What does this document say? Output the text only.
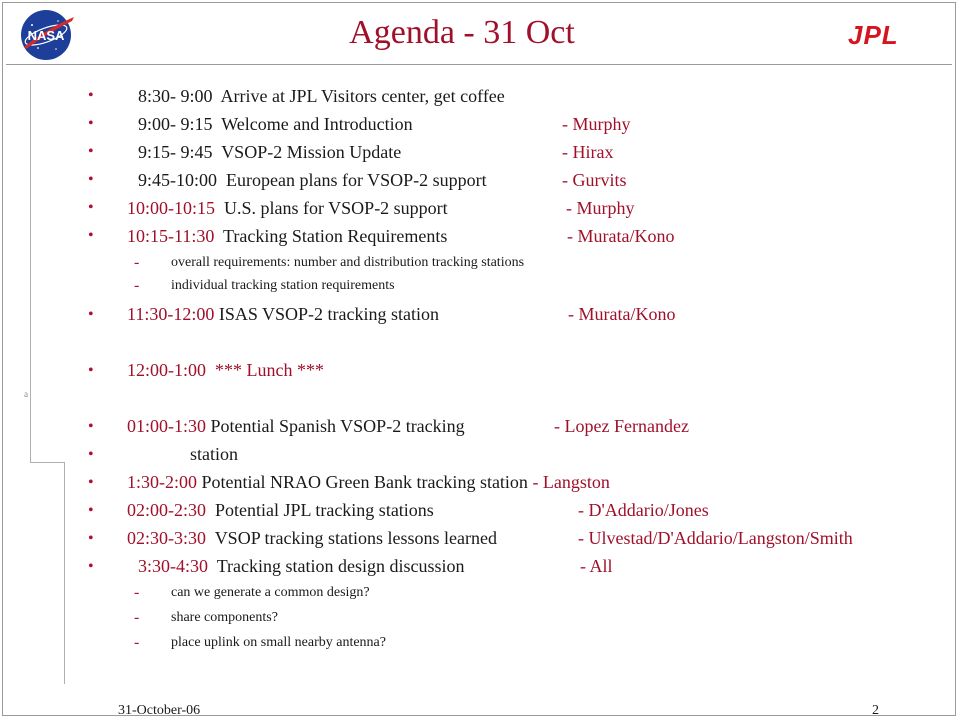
NASA	JPL
Agenda - 31 Oct
a
• 8:30- 9:00 Arrive at JPL Visitors center, get coffee
• 9:00- 9:15 Welcome and Introduction	- Murphy
• 9:15- 9:45 VSOP-2 Mission Update	- Hirax
• 9:45-10:00 European plans for VSOP-2 support	- Gurvits
• 10:00-10:15 U.S. plans for VSOP-2 support	- Murphy
• 10:15-11:30 Tracking Station Requirements	- Murata/Kono
- overall requirements: number and distribution tracking stations
- individual tracking station requirements
• 11:30-12:00 ISAS VSOP-2 tracking station	- Murata/Kono
• 12:00-1:00 *** Lunch ***
• 01:00-1:30 Potential Spanish VSOP-2 tracking	- Lopez Fernandez
•	station
• 1:30-2:00 Potential NRAO Green Bank tracking station - Langston
• 02:00-2:30 Potential JPL tracking stations	- D'Addario/Jones
• 02:30-3:30 VSOP tracking stations lessons learned	- Ulvestad/D'Addario/Langston/Smith
• 3:30-4:30 Tracking station design discussion	- All
- can we generate a common design?
- share components?
- place uplink on small nearby antenna?
31-October-06	2
